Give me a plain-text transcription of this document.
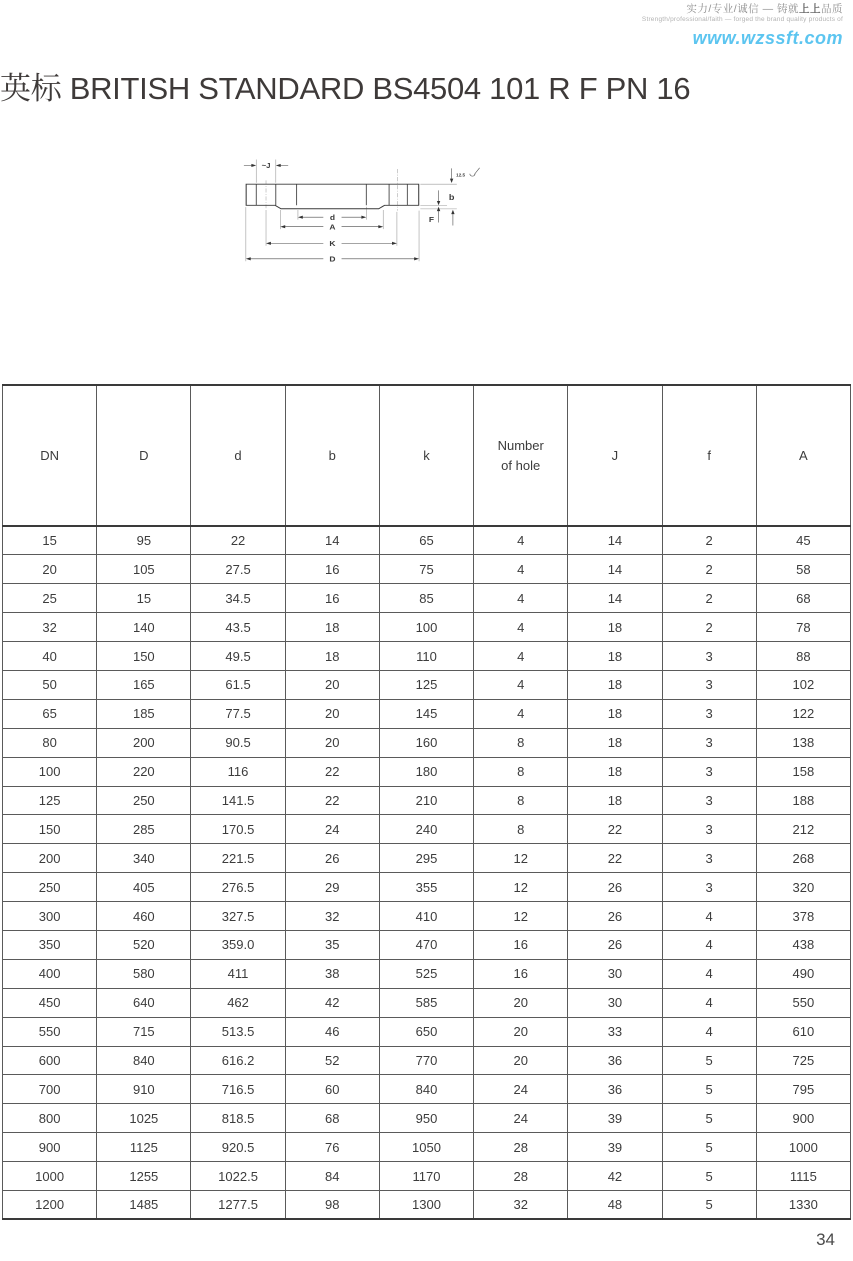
实力/专业/诚信 — 铸就上上品质
Strength/professional/faith — forged the brand quality products of
www.wzssft.com
英标 BRITISH STANDARD BS4504 101 R F PN 16
12.5
~J
b
F
d
A
K
D
DN	D	d	b	k	Number of hole	J	f	A
15	95	22	14	65	4	14	2	45
20	105	27.5	16	75	4	14	2	58
25	15	34.5	16	85	4	14	2	68
32	140	43.5	18	100	4	18	2	78
40	150	49.5	18	110	4	18	3	88
50	165	61.5	20	125	4	18	3	102
65	185	77.5	20	145	4	18	3	122
80	200	90.5	20	160	8	18	3	138
100	220	116	22	180	8	18	3	158
125	250	141.5	22	210	8	18	3	188
150	285	170.5	24	240	8	22	3	212
200	340	221.5	26	295	12	22	3	268
250	405	276.5	29	355	12	26	3	320
300	460	327.5	32	410	12	26	4	378
350	520	359.0	35	470	16	26	4	438
400	580	411	38	525	16	30	4	490
450	640	462	42	585	20	30	4	550
550	715	513.5	46	650	20	33	4	610
600	840	616.2	52	770	20	36	5	725
700	910	716.5	60	840	24	36	5	795
800	1025	818.5	68	950	24	39	5	900
900	1125	920.5	76	1050	28	39	5	1000
1000	1255	1022.5	84	1170	28	42	5	1115
1200	1485	1277.5	98	1300	32	48	5	1330
34
